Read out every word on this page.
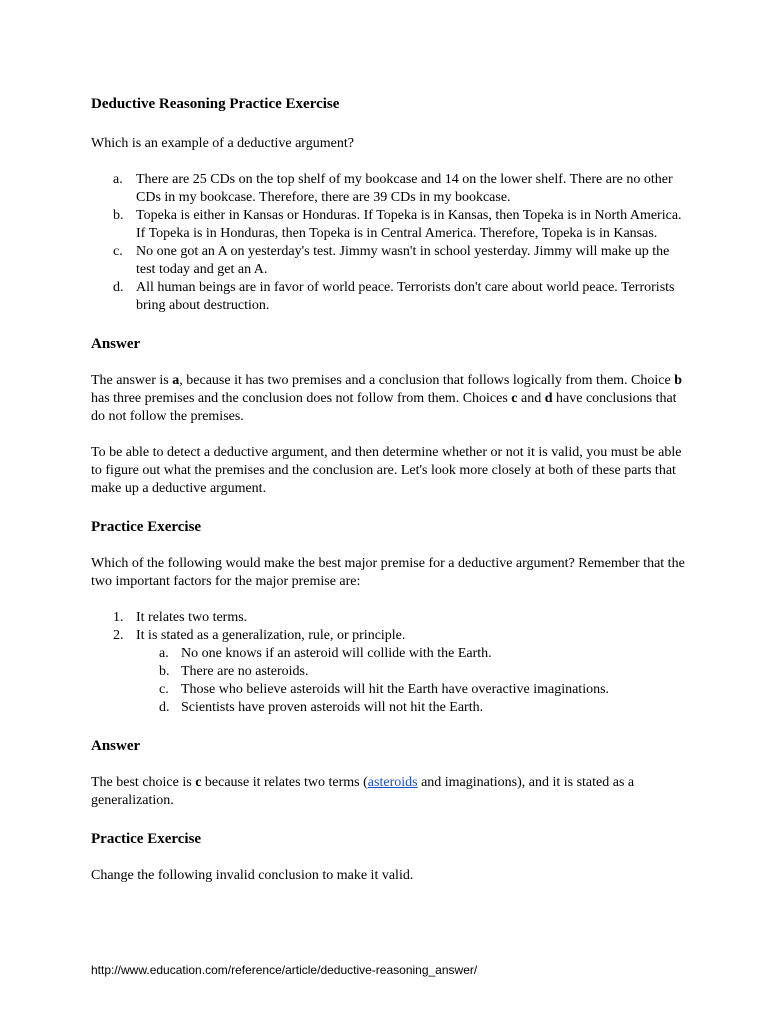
Deductive Reasoning Practice Exercise

Which is an example of a deductive argument?

a. There are 25 CDs on the top shelf of my bookcase and 14 on the lower shelf. There are no other CDs in my bookcase. Therefore, there are 39 CDs in my bookcase.
b. Topeka is either in Kansas or Honduras. If Topeka is in Kansas, then Topeka is in North America. If Topeka is in Honduras, then Topeka is in Central America. Therefore, Topeka is in Kansas.
c. No one got an A on yesterday's test. Jimmy wasn't in school yesterday. Jimmy will make up the test today and get an A.
d. All human beings are in favor of world peace. Terrorists don't care about world peace. Terrorists bring about destruction.
Answer

The answer is a, because it has two premises and a conclusion that follows logically from them. Choice b has three premises and the conclusion does not follow from them. Choices c and d have conclusions that do not follow the premises.

To be able to detect a deductive argument, and then determine whether or not it is valid, you must be able to figure out what the premises and the conclusion are. Let's look more closely at both of these parts that make up a deductive argument.

Practice Exercise

Which of the following would make the best major premise for a deductive argument? Remember that the two important factors for the major premise are:

1. It relates two terms.
2. It is stated as a generalization, rule, or principle.
a. No one knows if an asteroid will collide with the Earth.
b. There are no asteroids.
c. Those who believe asteroids will hit the Earth have overactive imaginations.
d. Scientists have proven asteroids will not hit the Earth.
Answer

The best choice is c because it relates two terms (asteroids and imaginations), and it is stated as a generalization.

Practice Exercise

Change the following invalid conclusion to make it valid.

http://www.education.com/reference/article/deductive-reasoning_answer/
